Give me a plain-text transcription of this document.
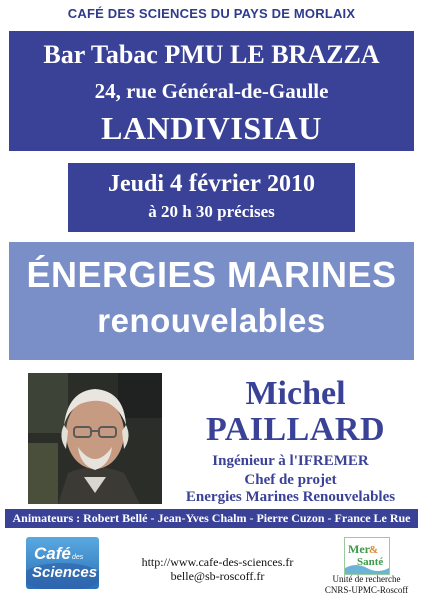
CAFÉ DES SCIENCES DU PAYS DE MORLAIX
Bar Tabac PMU LE BRAZZA
24, rue Général-de-Gaulle
LANDIVISIAU
Jeudi 4 février 2010
à 20 h 30 précises
ÉNERGIES MARINES
renouvelables
Michel
PAILLARD
Ingénieur à l'IFREMER
Chef de projet
Energies Marines Renouvelables
Animateurs : Robert Bellé - Jean-Yves Chalm - Pierre Cuzon - France Le Rue
Café des
Sciences
http://www.cafe-des-sciences.fr
belle@sb-roscoff.fr
Mer &
Santé
Unité de recherche
CNRS-UPMC-Roscoff
